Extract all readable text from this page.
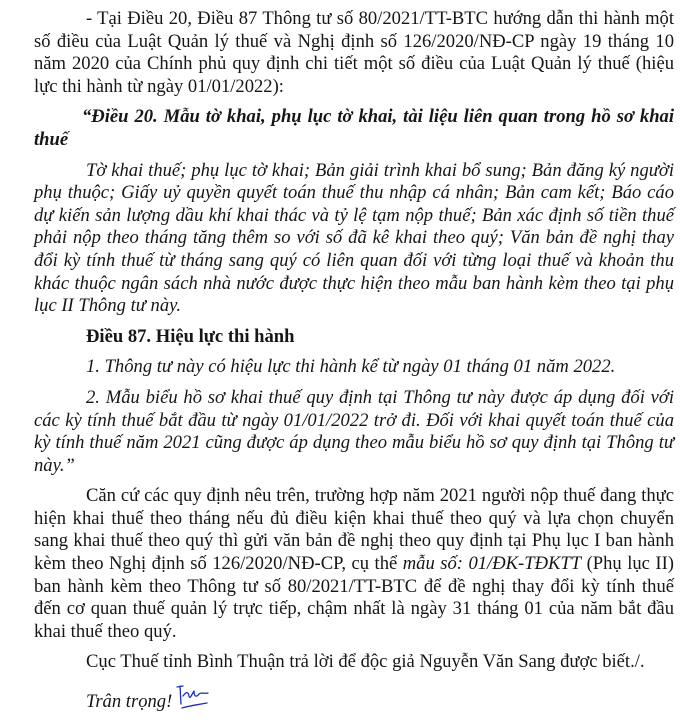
- Tại Điều 20, Điều 87 Thông tư số 80/2021/TT-BTC hướng dẫn thi hành một số điều của Luật Quản lý thuế và Nghị định số 126/2020/NĐ-CP ngày 19 tháng 10 năm 2020 của Chính phủ quy định chi tiết một số điều của Luật Quản lý thuế (hiệu lực thi hành từ ngày 01/01/2022):

“Điều 20. Mẫu tờ khai, phụ lục tờ khai, tài liệu liên quan trong hồ sơ khai thuế

Tờ khai thuế; phụ lục tờ khai; Bản giải trình khai bổ sung; Bản đăng ký người phụ thuộc; Giấy uỷ quyền quyết toán thuế thu nhập cá nhân; Bản cam kết; Báo cáo dự kiến sản lượng dầu khí khai thác và tỷ lệ tạm nộp thuế; Bản xác định số tiền thuế phải nộp theo tháng tăng thêm so với số đã kê khai theo quý; Văn bản đề nghị thay đổi kỳ tính thuế từ tháng sang quý có liên quan đối với từng loại thuế và khoản thu khác thuộc ngân sách nhà nước được thực hiện theo mẫu ban hành kèm theo tại phụ lục II Thông tư này.

Điều 87. Hiệu lực thi hành

1. Thông tư này có hiệu lực thi hành kể từ ngày 01 tháng 01 năm 2022.

2. Mẫu biểu hồ sơ khai thuế quy định tại Thông tư này được áp dụng đối với các kỳ tính thuế bắt đầu từ ngày 01/01/2022 trở đi. Đối với khai quyết toán thuế của kỳ tính thuế năm 2021 cũng được áp dụng theo mẫu biểu hồ sơ quy định tại Thông tư này.”

Căn cứ các quy định nêu trên, trường hợp năm 2021 người nộp thuế đang thực hiện khai thuế theo tháng nếu đủ điều kiện khai thuế theo quý và lựa chọn chuyển sang khai thuế theo quý thì gửi văn bản đề nghị theo quy định tại Phụ lục I ban hành kèm theo Nghị định số 126/2020/NĐ-CP, cụ thể mẫu số: 01/ĐK-TĐKTT (Phụ lục II) ban hành kèm theo Thông tư số 80/2021/TT-BTC để đề nghị thay đổi kỳ tính thuế đến cơ quan thuế quản lý trực tiếp, chậm nhất là ngày 31 tháng 01 của năm bắt đầu khai thuế theo quý.

Cục Thuế tỉnh Bình Thuận trả lời để độc giả Nguyễn Văn Sang được biết./.

Trân trọng!
